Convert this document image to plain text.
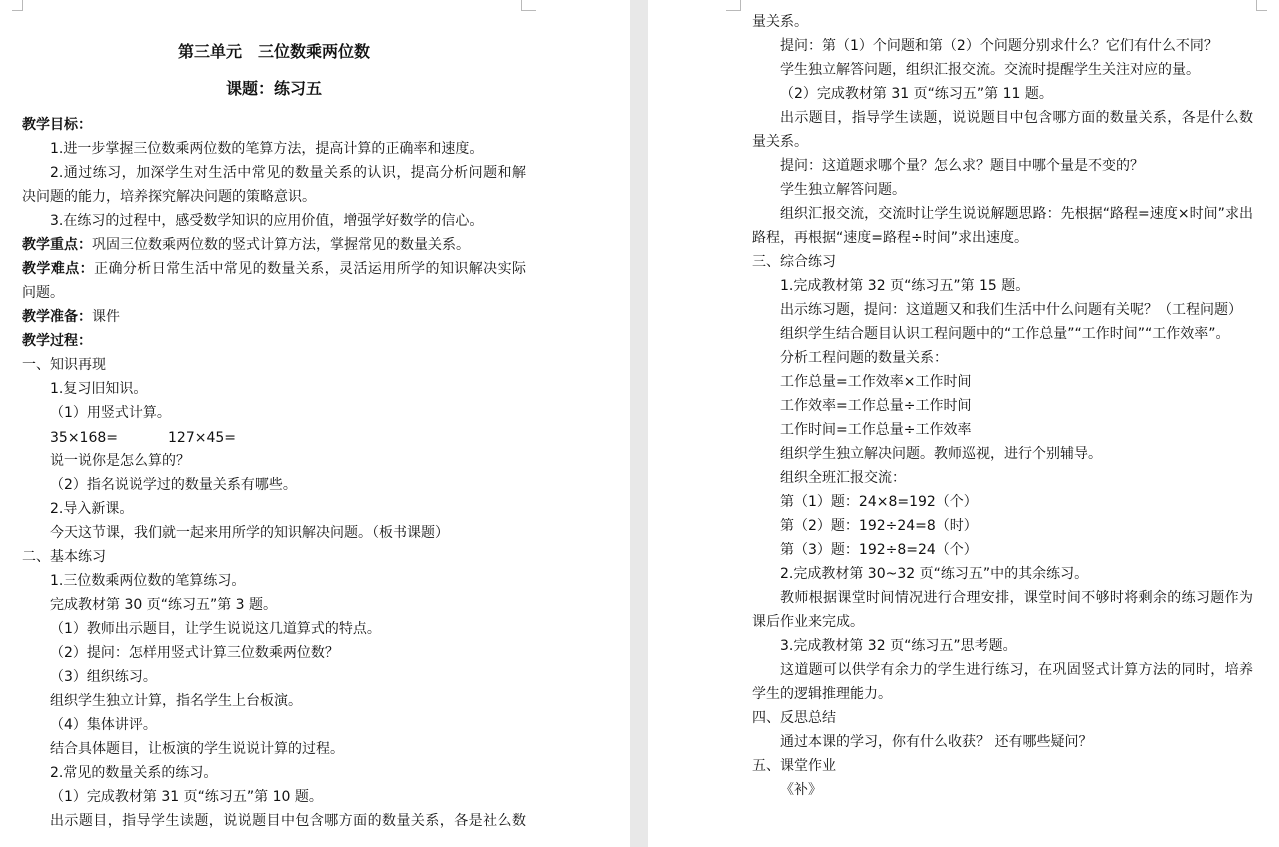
第三单元　三位数乘两位数
课题：练习五
教学目标：
1.进一步掌握三位数乘两位数的笔算方法，提高计算的正确率和速度。
2.通过练习，加深学生对生活中常见的数量关系的认识，提高分析问题和解
决问题的能力，培养探究解决问题的策略意识。
3.在练习的过程中，感受数学知识的应用价值，增强学好数学的信心。
教学重点：巩固三位数乘两位数的竖式计算方法，掌握常见的数量关系。
教学难点：正确分析日常生活中常见的数量关系，灵活运用所学的知识解决实际
问题。
教学准备：课件
教学过程：
一、知识再现
1.复习旧知识。
（1）用竖式计算。
35×168=	127×45=
说一说你是怎么算的？
（2）指名说说学过的数量关系有哪些。
2.导入新课。
今天这节课，我们就一起来用所学的知识解决问题。（板书课题）
二、基本练习
1.三位数乘两位数的笔算练习。
完成教材第 30 页“练习五”第 3 题。
（1）教师出示题目，让学生说说这几道算式的特点。
（2）提问：怎样用竖式计算三位数乘两位数？
（3）组织练习。
组织学生独立计算，指名学生上台板演。
（4）集体讲评。
结合具体题目，让板演的学生说说计算的过程。
2.常见的数量关系的练习。
（1）完成教材第 31 页“练习五”第 10 题。
出示题目，指导学生读题，说说题目中包含哪方面的数量关系，各是社么数
量关系。
提问：第（1）个问题和第（2）个问题分别求什么？它们有什么不同？
学生独立解答问题，组织汇报交流。交流时提醒学生关注对应的量。
（2）完成教材第 31 页“练习五”第 11 题。
出示题目，指导学生读题，说说题目中包含哪方面的数量关系，各是什么数
量关系。
提问：这道题求哪个量？怎么求？题目中哪个量是不变的？
学生独立解答问题。
组织汇报交流，交流时让学生说说解题思路：先根据“路程=速度×时间”求出
路程，再根据“速度=路程÷时间”求出速度。
三、综合练习
1.完成教材第 32 页“练习五”第 15 题。
出示练习题，提问：这道题又和我们生活中什么问题有关呢？（工程问题）
组织学生结合题目认识工程问题中的“工作总量”“工作时间”“工作效率”。
分析工程问题的数量关系：
工作总量=工作效率×工作时间
工作效率=工作总量÷工作时间
工作时间=工作总量÷工作效率
组织学生独立解决问题。教师巡视，进行个别辅导。
组织全班汇报交流：
第（1）题：24×8=192（个）
第（2）题：192÷24=8（时）
第（3）题：192÷8=24（个）
2.完成教材第 30~32 页“练习五”中的其余练习。
教师根据课堂时间情况进行合理安排，课堂时间不够时将剩余的练习题作为
课后作业来完成。
3.完成教材第 32 页“练习五”思考题。
这道题可以供学有余力的学生进行练习，在巩固竖式计算方法的同时，培养
学生的逻辑推理能力。
四、反思总结
通过本课的学习，你有什么收获？ 还有哪些疑问？
五、课堂作业
《补》
